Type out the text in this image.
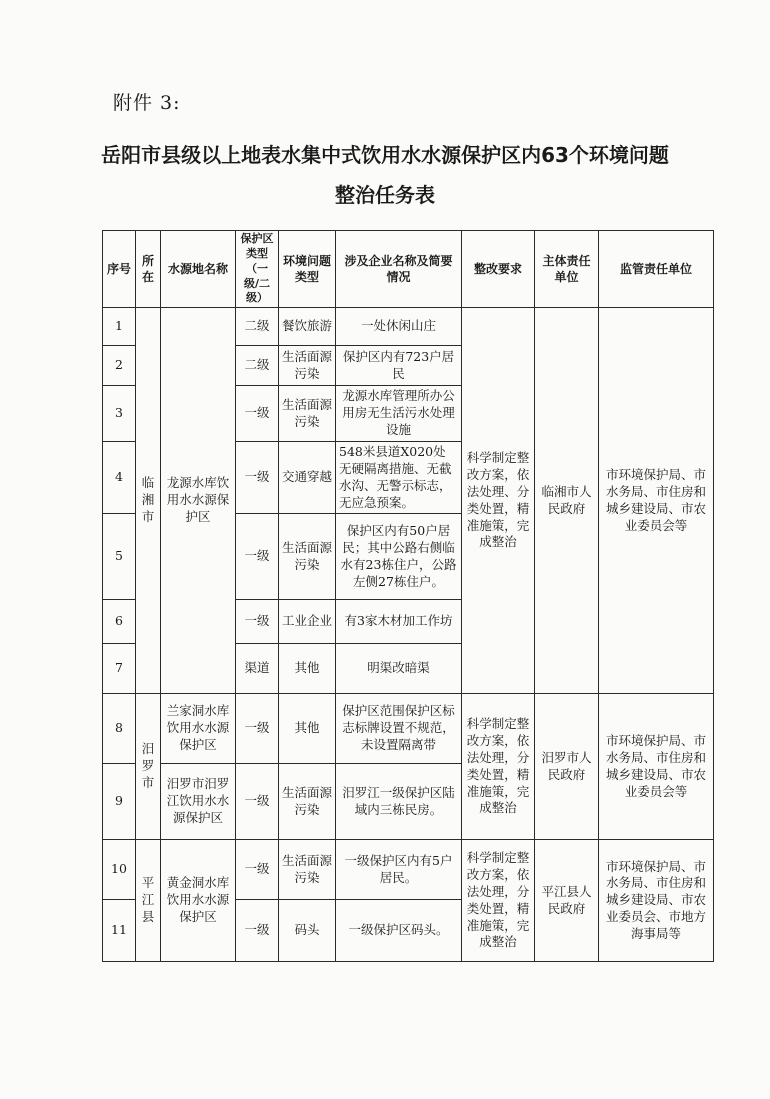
附件 3:
岳阳市县级以上地表水集中式饮用水水源保护区内63个环境问题
整治任务表
序号	所在	水源地名称	保护区类型（一级/二级）	环境问题类型	涉及企业名称及简要情况	整改要求	主体责任单位	监管责任单位
1	临湘市	龙源水库饮用水水源保护区	二级	餐饮旅游	一处休闲山庄	科学制定整改方案，依法处理、分类处置，精准施策，完成整治	临湘市人民政府	市环境保护局、市水务局、市住房和城乡建设局、市农业委员会等
2			二级	生活面源污染	保护区内有723户居民			
3			一级	生活面源污染	龙源水库管理所办公用房无生活污水处理设施			
4			一级	交通穿越	548米县道X020处无硬隔离措施、无截水沟、无警示标志，无应急预案。			
5			一级	生活面源污染	保护区内有50户居民；其中公路右侧临水有23栋住户，公路左侧27栋住户。			
6			一级	工业企业	有3家木材加工作坊			
7			渠道	其他	明渠改暗渠			
8	汨罗市	兰家洞水库饮用水水源保护区	一级	其他	保护区范围保护区标志标牌设置不规范，未设置隔离带	科学制定整改方案，依法处理，分类处置，精准施策，完成整治	汨罗市人民政府	市环境保护局、市水务局、市住房和城乡建设局、市农业委员会等
9		汨罗市汨罗江饮用水水源保护区	一级	生活面源污染	汨罗江一级保护区陆域内三栋民房。			
10	平江县	黄金洞水库饮用水水源保护区	一级	生活面源污染	一级保护区内有5户居民。	科学制定整改方案，依法处理，分类处置，精准施策，完成整治	平江县人民政府	市环境保护局、市水务局、市住房和城乡建设局、市农业委员会、市地方海事局等
11			一级	码头	一级保护区码头。			
